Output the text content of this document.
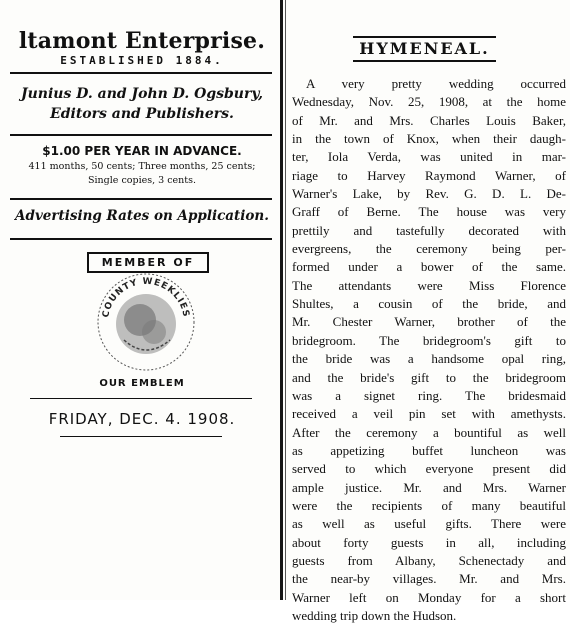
ltamont Enterprise.
ESTABLISHED 1884.
Junius D. and John D. Ogsbury,
Editors and Publishers.
$1.00 PER YEAR IN ADVANCE.
411 months, 50 cents; Three months, 25 cents;
Single copies, 3 cents.
Advertising Rates on Application.
MEMBER OF
COUNTY WEEKLIES
OUR EMBLEM
FRIDAY, DEC. 4. 1908.
HYMENEAL.
A very pretty wedding occurred
Wednesday, Nov. 25, 1908, at the home
of Mr. and Mrs. Charles Louis Baker,
in the town of Knox, when their daugh-
ter, Iola Verda, was united in mar-
riage to Harvey Raymond Warner, of
Warner's Lake, by Rev. G. D. L. De-
Graff of Berne. The house was very
prettily and tastefully decorated with
evergreens, the ceremony being per-
formed under a bower of the same.
The attendants were Miss Florence
Shultes, a cousin of the bride, and
Mr. Chester Warner, brother of the
bridegroom. The bridegroom's gift to
the bride was a handsome opal ring,
and the bride's gift to the bridegroom
was a signet ring. The bridesmaid
received a veil pin set with amethysts.
After the ceremony a bountiful as well
as appetizing buffet luncheon was
served to which everyone present did
ample justice. Mr. and Mrs. Warner
were the recipients of many beautiful
as well as useful gifts. There were
about forty guests in all, including
guests from Albany, Schenectady and
the near-by villages. Mr. and Mrs.
Warner left on Monday for a short
wedding trip down the Hudson.
